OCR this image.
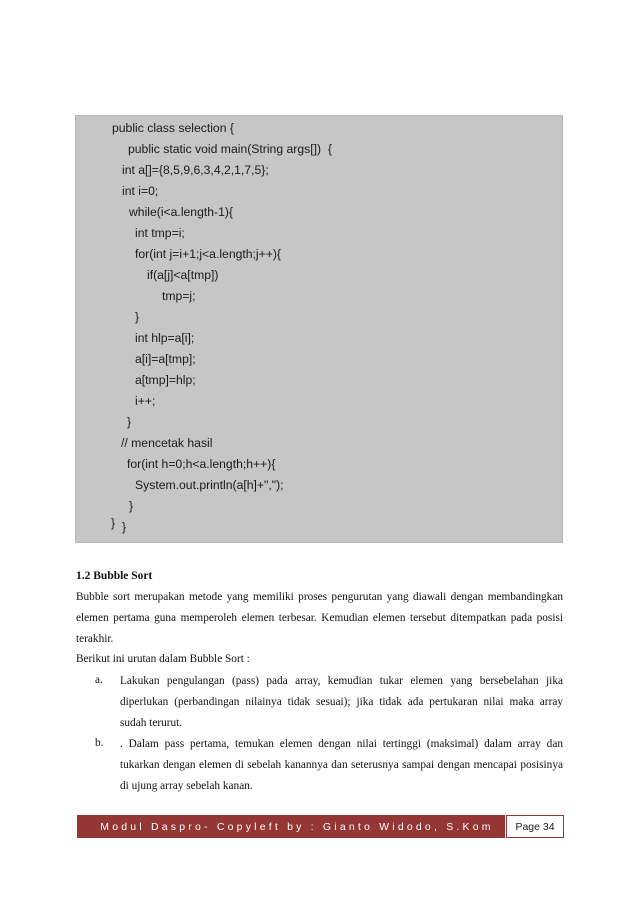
public class selection {
public static void main(String args[])  {
int a[]={8,5,9,6,3,4,2,1,7,5};
int i=0;
while(i<a.length-1){
int tmp=i;
for(int j=i+1;j<a.length;j++){
if(a[j]<a[tmp])
tmp=j;
}
int hlp=a[i];
a[i]=a[tmp];
a[tmp]=hlp;
i++;
}
// mencetak hasil
for(int h=0;h<a.length;h++){
System.out.println(a[h]+",");
}
}
}
1.2 Bubble Sort
Bubble sort merupakan metode yang memiliki proses pengurutan yang diawali dengan membandingkan
elemen pertama guna memperoleh elemen terbesar. Kemudian elemen tersebut ditempatkan pada posisi
terakhir.
Berikut ini urutan dalam Bubble Sort :
a. Lakukan pengulangan (pass) pada array, kemudian tukar elemen yang bersebelahan jika
diperlukan (perbandingan nilainya tidak sesuai); jika tidak ada pertukaran nilai maka array
sudah terurut.
b. . Dalam pass pertama, temukan elemen dengan nilai tertinggi (maksimal) dalam array dan
tukarkan dengan elemen di sebelah kanannya dan seterusnya sampai dengan mencapai posisinya
di ujung array sebelah kanan.
Modul Daspro- Copyleft by : Gianto Widodo, S.Kom	Page 34
